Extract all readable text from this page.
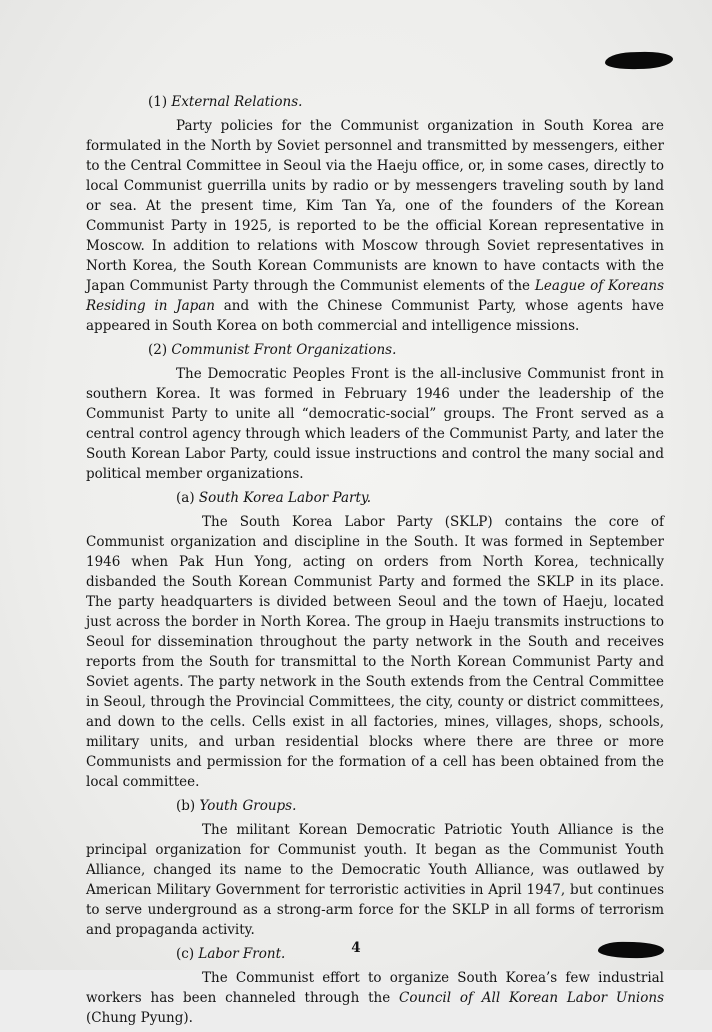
(1) External Relations.

Party policies for the Communist organization in South Korea are formulated in the North by Soviet personnel and transmitted by messengers, either to the Central Committee in Seoul via the Haeju office, or, in some cases, directly to local Communist guerrilla units by radio or by messengers traveling south by land or sea. At the present time, Kim Tan Ya, one of the founders of the Korean Communist Party in 1925, is reported to be the official Korean representative in Moscow. In addition to relations with Moscow through Soviet representatives in North Korea, the South Korean Communists are known to have contacts with the Japan Communist Party through the Communist elements of the League of Koreans Residing in Japan and with the Chinese Communist Party, whose agents have appeared in South Korea on both commercial and intelligence missions.

(2) Communist Front Organizations.

The Democratic Peoples Front is the all-inclusive Communist front in southern Korea. It was formed in February 1946 under the leadership of the Communist Party to unite all “democratic-social” groups. The Front served as a central control agency through which leaders of the Communist Party, and later the South Korean Labor Party, could issue instructions and control the many social and political member organizations.

(a) South Korea Labor Party.

The South Korea Labor Party (SKLP) contains the core of Communist organization and discipline in the South. It was formed in September 1946 when Pak Hun Yong, acting on orders from North Korea, technically disbanded the South Korean Communist Party and formed the SKLP in its place. The party headquarters is divided between Seoul and the town of Haeju, located just across the border in North Korea. The group in Haeju transmits instructions to Seoul for dissemination throughout the party network in the South and receives reports from the South for transmittal to the North Korean Communist Party and Soviet agents. The party network in the South extends from the Central Committee in Seoul, through the Provincial Committees, the city, county or district committees, and down to the cells. Cells exist in all factories, mines, villages, shops, schools, military units, and urban residential blocks where there are three or more Communists and permission for the formation of a cell has been obtained from the local committee.

(b) Youth Groups.

The militant Korean Democratic Patriotic Youth Alliance is the principal organization for Communist youth. It began as the Communist Youth Alliance, changed its name to the Democratic Youth Alliance, was outlawed by American Military Government for terroristic activities in April 1947, but continues to serve underground as a strong-arm force for the SKLP in all forms of terrorism and propaganda activity.

(c) Labor Front.

The Communist effort to organize South Korea’s few industrial workers has been channeled through the Council of All Korean Labor Unions (Chung Pyung).

4
